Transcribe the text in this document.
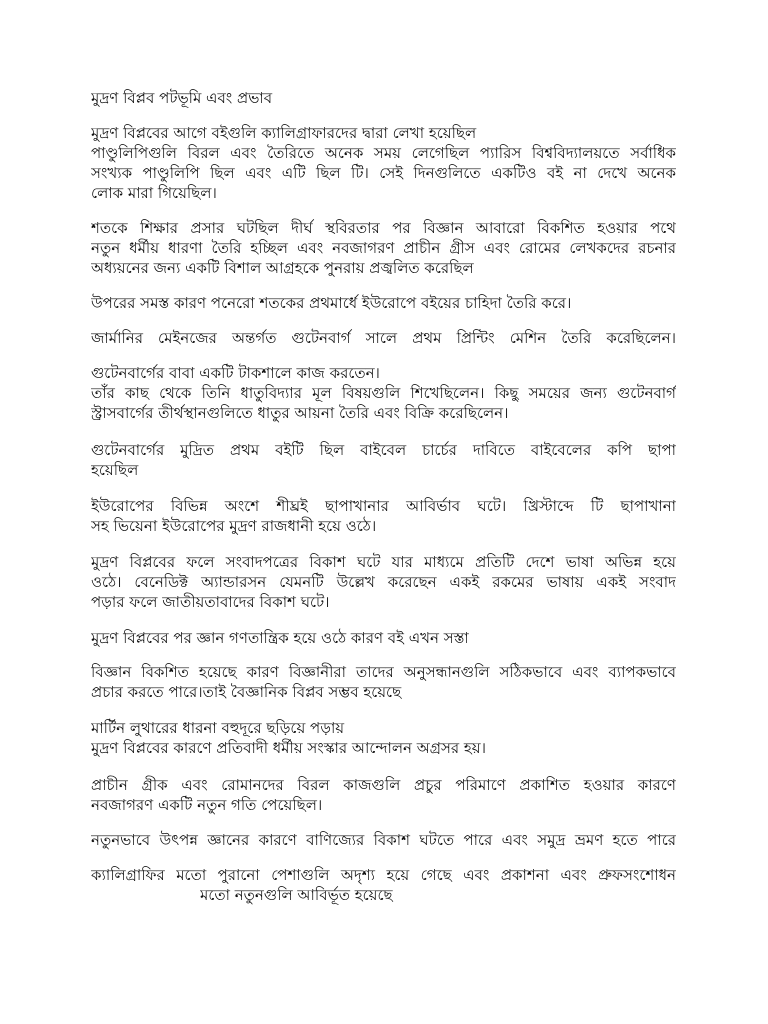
মুদ্রণ বিপ্লব পটভূমি এবং প্রভাব
মুদ্রণ বিপ্লবের আগে বইগুলি ক্যালিগ্রাফারদের দ্বারা লেখা হয়েছিল
পাণ্ডুলিপিগুলি বিরল এবং তৈরিতে অনেক সময় লেগেছিল প্যারিস বিশ্ববিদ্যালয়তে সর্বাধিক
সংখ্যক পাণ্ডুলিপি ছিল এবং এটি ছিল টি। সেই দিনগুলিতে একটিও বই না দেখে অনেক
লোক মারা গিয়েছিল।
শতকে শিক্ষার প্রসার ঘটছিল দীর্ঘ স্থবিরতার পর বিজ্ঞান আবারো বিকশিত হওয়ার পথে
নতুন ধর্মীয় ধারণা তৈরি হচ্ছিল এবং নবজাগরণ প্রাচীন গ্রীস এবং রোমের লেখকদের রচনার
অধ্যয়নের জন্য একটি বিশাল আগ্রহকে পুনরায় প্রজ্বলিত করেছিল
উপরের সমস্ত কারণ পনেরো শতকের প্রথমার্ধে ইউরোপে বইয়ের চাহিদা তৈরি করে।
জার্মানির মেইনজের অন্তর্গত গুটেনবার্গ সালে প্রথম প্রিন্টিং মেশিন তৈরি করেছিলেন।
গুটেনবার্গের বাবা একটি টাকশালে কাজ করতেন।
তাঁর কাছ থেকে তিনি ধাতুবিদ্যার মূল বিষয়গুলি শিখেছিলেন। কিছু সময়ের জন্য গুটেনবার্গ
স্ট্রাসবার্গের তীর্থস্থানগুলিতে ধাতুর আয়না তৈরি এবং বিক্রি করেছিলেন।
গুটেনবার্গের মুদ্রিত প্রথম বইটি ছিল বাইবেল চার্চের দাবিতে বাইবেলের কপি ছাপা
হয়েছিল
ইউরোপের বিভিন্ন অংশে শীঘ্রই ছাপাখানার আবির্ভাব ঘটে। খ্রিস্টাব্দে টি ছাপাখানা
সহ ভিয়েনা ইউরোপের মুদ্রণ রাজধানী হয়ে ওঠে।
মুদ্রণ বিপ্লবের ফলে সংবাদপত্রের বিকাশ ঘটে যার মাধ্যমে প্রতিটি দেশে ভাষা অভিন্ন হয়ে
ওঠে। বেনেডিক্ট অ্যান্ডারসন যেমনটি উল্লেখ করেছেন একই রকমের ভাষায় একই সংবাদ
পড়ার ফলে জাতীয়তাবাদের বিকাশ ঘটে।
মুদ্রণ বিপ্লবের পর জ্ঞান গণতান্ত্রিক হয়ে ওঠে কারণ বই এখন সস্তা
বিজ্ঞান বিকশিত হয়েছে কারণ বিজ্ঞানীরা তাদের অনুসন্ধানগুলি সঠিকভাবে এবং ব্যাপকভাবে
প্রচার করতে পারে।তাই বৈজ্ঞানিক বিপ্লব সম্ভব হয়েছে
মার্টিন লুথারের ধারনা বহুদূরে ছড়িয়ে পড়ায়
মুদ্রণ বিপ্লবের কারণে প্রতিবাদী ধর্মীয় সংস্কার আন্দোলন অগ্রসর হয়।
প্রাচীন গ্রীক এবং রোমানদের বিরল কাজগুলি প্রচুর পরিমাণে প্রকাশিত হওয়ার কারণে
নবজাগরণ একটি নতুন গতি পেয়েছিল।
নতুনভাবে উৎপন্ন জ্ঞানের কারণে বাণিজ্যের বিকাশ ঘটতে পারে এবং সমুদ্র ভ্রমণ হতে পারে
ক্যালিগ্রাফির মতো পুরানো পেশাগুলি অদৃশ্য হয়ে গেছে এবং প্রকাশনা এবং প্রুফসংশোধন
মতো নতুনগুলি আবির্ভূত হয়েছে
